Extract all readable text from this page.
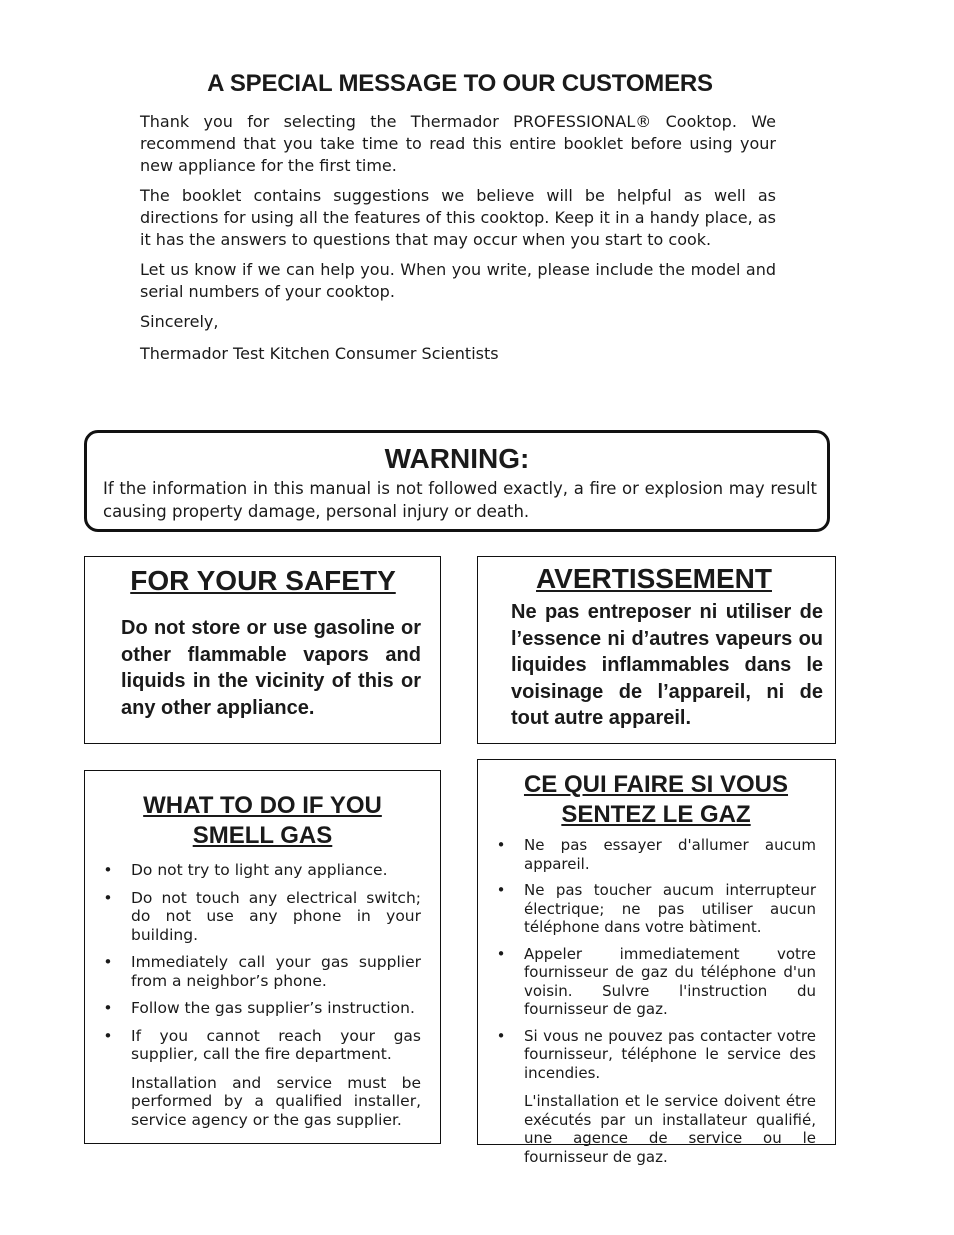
A SPECIAL MESSAGE TO OUR CUSTOMERS

Thank you for selecting the Thermador PROFESSIONAL® Cooktop. We recommend that you take time to read this entire booklet before using your new appliance for the first time.

The booklet contains suggestions we believe will be helpful as well as directions for using all the features of this cooktop. Keep it in a handy place, as it has the answers to questions that may occur when you start to cook.

Let us know if we can help you. When you write, please include the model and serial numbers of your cooktop.

Sincerely,

Thermador Test Kitchen Consumer Scientists

WARNING:

If the information in this manual is not followed exactly, a fire or explosion may result causing property damage, personal injury or death.

FOR YOUR SAFETY

Do not store or use gasoline or other flammable vapors and liquids in the vicinity of this or any other appliance.

AVERTISSEMENT

Ne pas entreposer ni utiliser de l’essence ni d’autres vapeurs ou liquides inflammables dans le voisinage de l’appareil, ni de tout autre appareil.

WHAT TO DO IF YOU SMELL GAS
• Do not try to light any appliance.
• Do not touch any electrical switch; do not use any phone in your building.
• Immediately call your gas supplier from a neighbor’s phone.
• Follow the gas supplier’s instruction.
• If you cannot reach your gas supplier, call the fire department.

Installation and service must be performed by a qualified installer, service agency or the gas supplier.

CE QUI FAIRE SI VOUS SENTEZ LE GAZ
• Ne pas essayer d'allumer aucum appareil.
• Ne pas toucher aucum interrupteur électrique; ne pas utiliser aucun téléphone dans votre bàtiment.
• Appeler immediatement votre fournisseur de gaz du téléphone d'un voisin. Sulvre l'instruction du fournisseur de gaz.
• Si vous ne pouvez pas contacter votre fournisseur, téléphone le service des incendies.

L'installation et le service doivent étre exécutés par un installateur qualifié, une agence de service ou le fournisseur de gaz.
